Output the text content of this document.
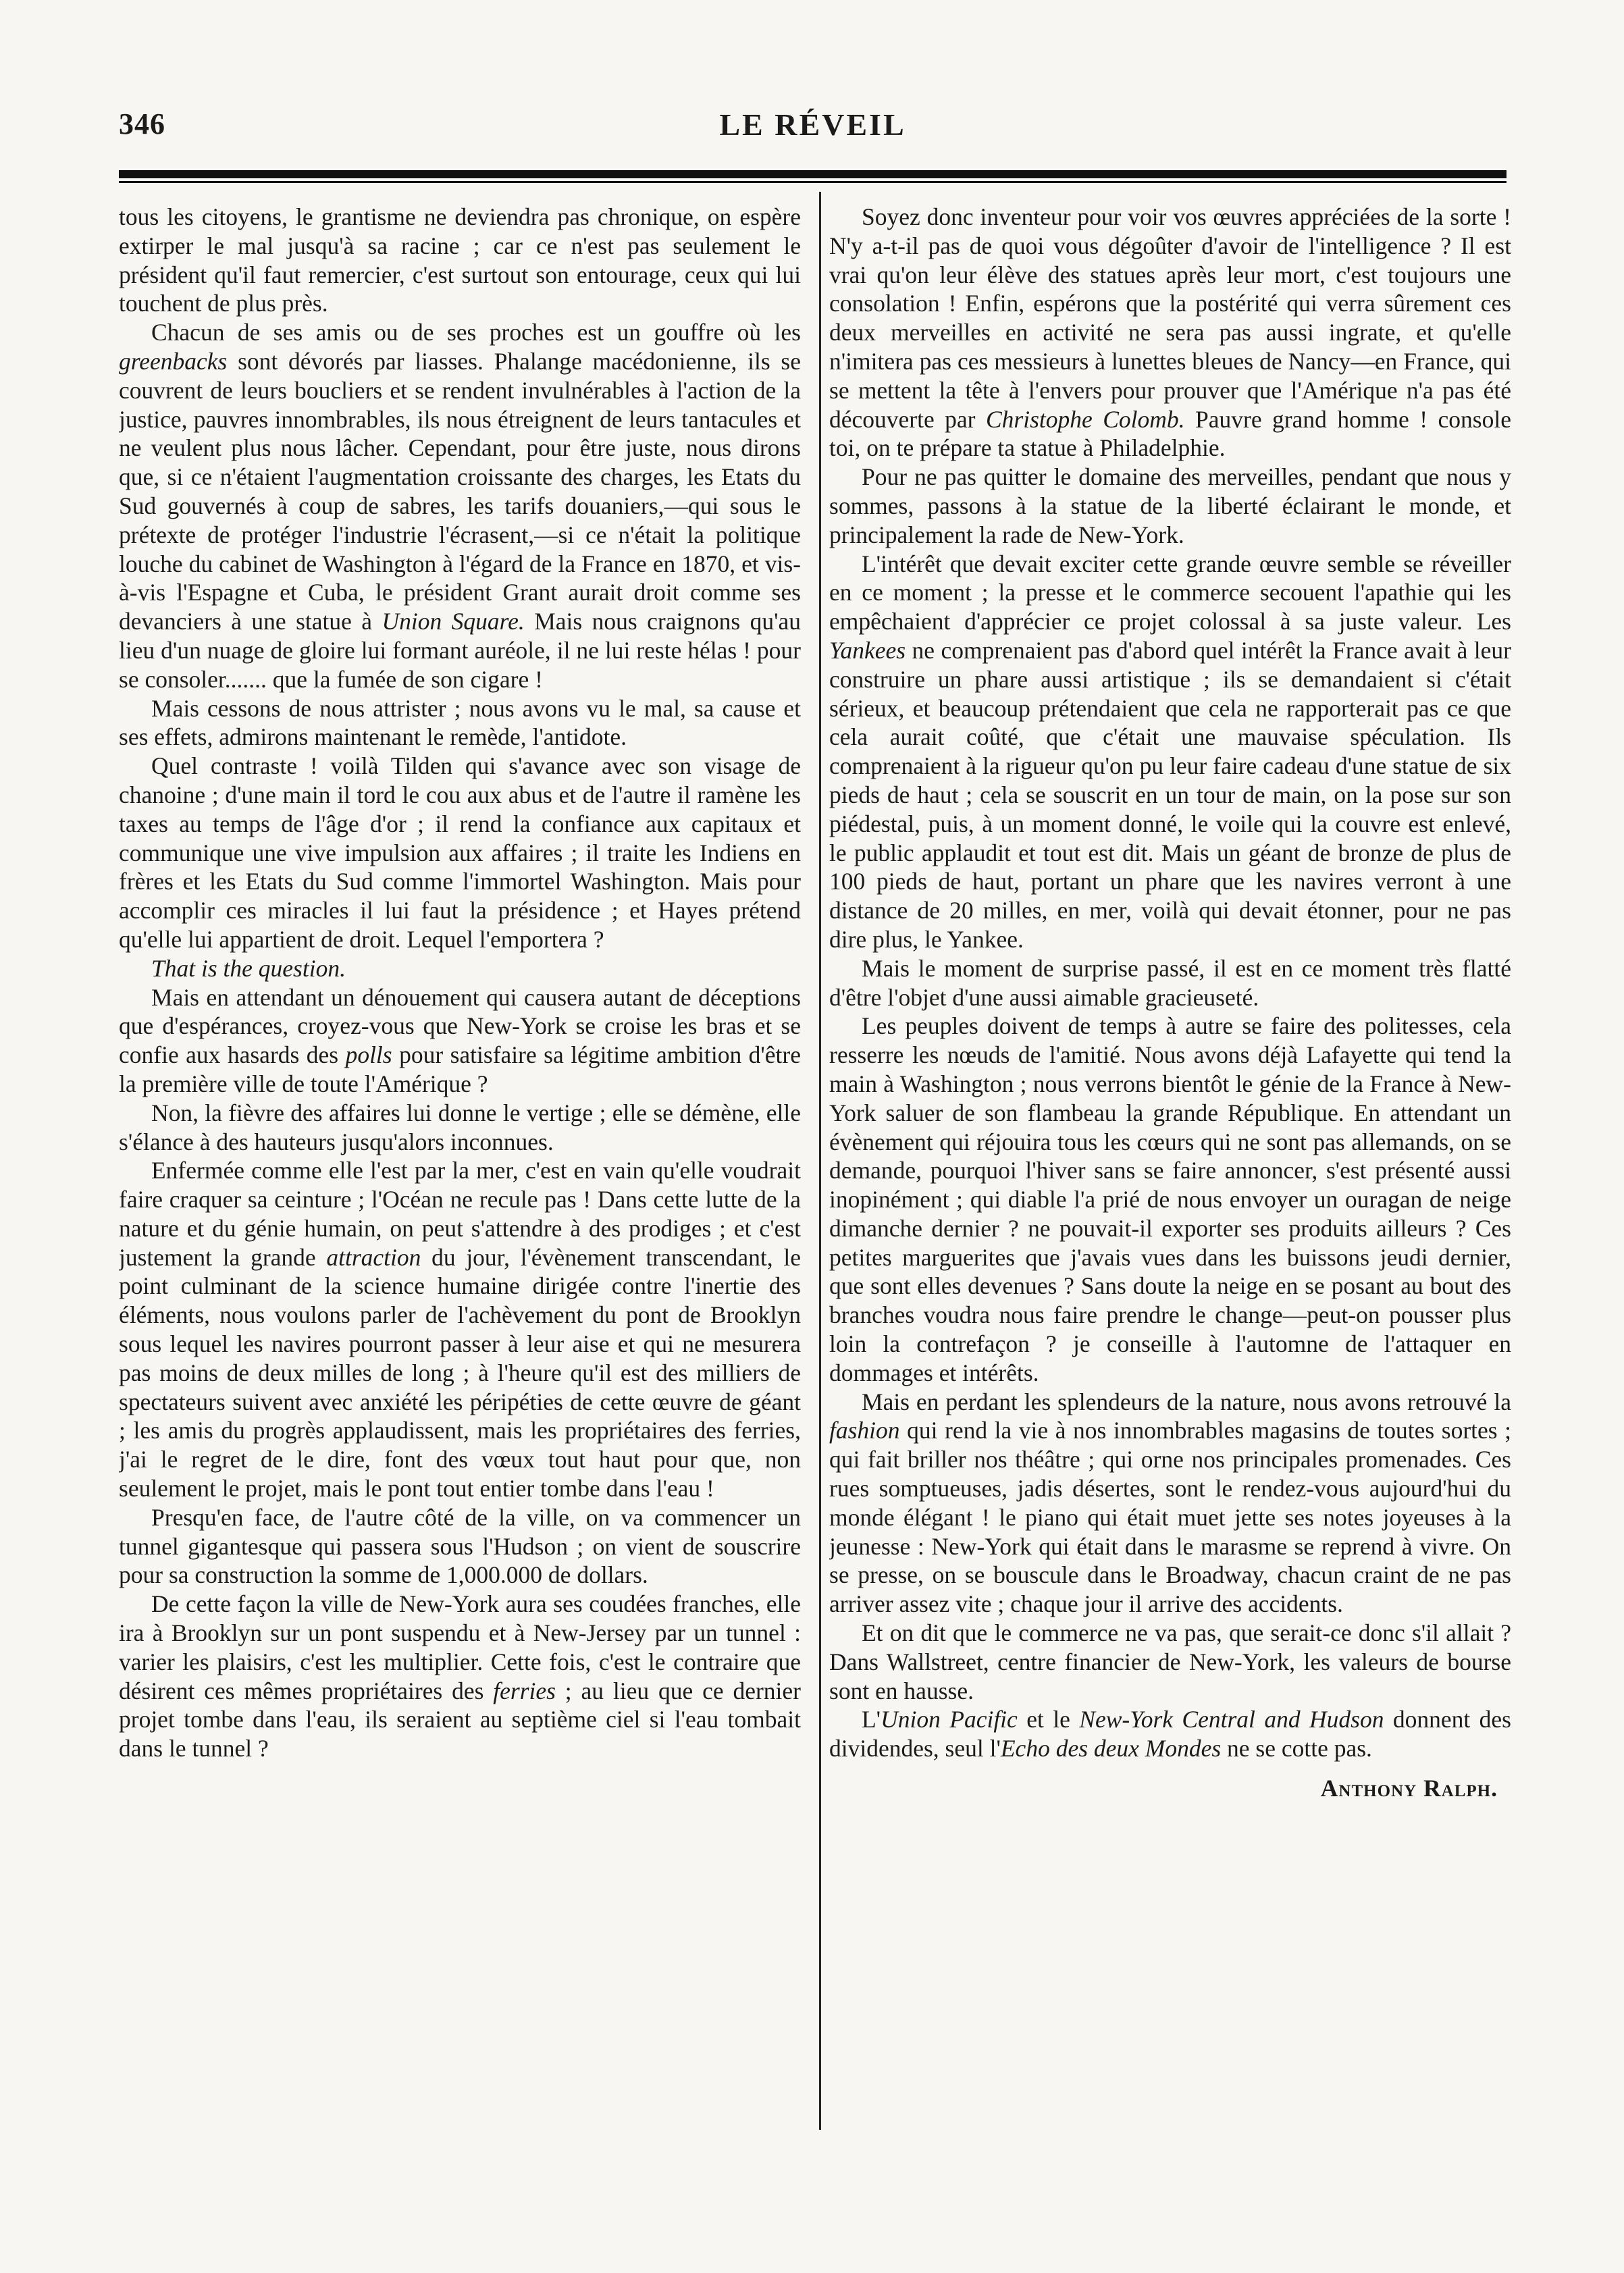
346	LE RÉVEIL

tous les citoyens, le grantisme ne deviendra pas chronique, on espère extirper le mal jusqu'à sa racine ; car ce n'est pas seulement le président qu'il faut remercier, c'est surtout son entourage, ceux qui lui touchent de plus près.

Chacun de ses amis ou de ses proches est un gouffre où les greenbacks sont dévorés par liasses. Phalange macédonienne, ils se couvrent de leurs boucliers et se rendent invulnérables à l'action de la justice, pauvres innombrables, ils nous étreignent de leurs tantacules et ne veulent plus nous lâcher. Cependant, pour être juste, nous dirons que, si ce n'étaient l'augmentation croissante des charges, les Etats du Sud gouvernés à coup de sabres, les tarifs douaniers,—qui sous le prétexte de protéger l'industrie l'écrasent,—si ce n'était la politique louche du cabinet de Washington à l'égard de la France en 1870, et vis-à-vis l'Espagne et Cuba, le président Grant aurait droit comme ses devanciers à une statue à Union Square. Mais nous craignons qu'au lieu d'un nuage de gloire lui formant auréole, il ne lui reste hélas ! pour se consoler....... que la fumée de son cigare !

Mais cessons de nous attrister ; nous avons vu le mal, sa cause et ses effets, admirons maintenant le remède, l'antidote.

Quel contraste ! voilà Tilden qui s'avance avec son visage de chanoine ; d'une main il tord le cou aux abus et de l'autre il ramène les taxes au temps de l'âge d'or ; il rend la confiance aux capitaux et communique une vive impulsion aux affaires ; il traite les Indiens en frères et les Etats du Sud comme l'immortel Washington. Mais pour accomplir ces miracles il lui faut la présidence ; et Hayes prétend qu'elle lui appartient de droit. Lequel l'emportera ?

That is the question.

Mais en attendant un dénouement qui causera autant de déceptions que d'espérances, croyez-vous que New-York se croise les bras et se confie aux hasards des polls pour satisfaire sa légitime ambition d'être la première ville de toute l'Amérique ?

Non, la fièvre des affaires lui donne le vertige ; elle se démène, elle s'élance à des hauteurs jusqu'alors inconnues.

Enfermée comme elle l'est par la mer, c'est en vain qu'elle voudrait faire craquer sa ceinture ; l'Océan ne recule pas ! Dans cette lutte de la nature et du génie humain, on peut s'attendre à des prodiges ; et c'est justement la grande attraction du jour, l'évènement transcendant, le point culminant de la science humaine dirigée contre l'inertie des éléments, nous voulons parler de l'achèvement du pont de Brooklyn sous lequel les navires pourront passer à leur aise et qui ne mesurera pas moins de deux milles de long ; à l'heure qu'il est des milliers de spectateurs suivent avec anxiété les péripéties de cette œuvre de géant ; les amis du progrès applaudissent, mais les propriétaires des ferries, j'ai le regret de le dire, font des vœux tout haut pour que, non seulement le projet, mais le pont tout entier tombe dans l'eau !

Presqu'en face, de l'autre côté de la ville, on va commencer un tunnel gigantesque qui passera sous l'Hudson ; on vient de souscrire pour sa construction la somme de 1,000.000 de dollars.

De cette façon la ville de New-York aura ses coudées franches, elle ira à Brooklyn sur un pont suspendu et à New-Jersey par un tunnel : varier les plaisirs, c'est les multiplier. Cette fois, c'est le contraire que désirent ces mêmes propriétaires des ferries ; au lieu que ce dernier projet tombe dans l'eau, ils seraient au septième ciel si l'eau tombait dans le tunnel ?

Soyez donc inventeur pour voir vos œuvres appréciées de la sorte ! N'y a-t-il pas de quoi vous dégoûter d'avoir de l'intelligence ? Il est vrai qu'on leur élève des statues après leur mort, c'est toujours une consolation ! Enfin, espérons que la postérité qui verra sûrement ces deux merveilles en activité ne sera pas aussi ingrate, et qu'elle n'imitera pas ces messieurs à lunettes bleues de Nancy—en France, qui se mettent la tête à l'envers pour prouver que l'Amérique n'a pas été découverte par Christophe Colomb. Pauvre grand homme ! console toi, on te prépare ta statue à Philadelphie.

Pour ne pas quitter le domaine des merveilles, pendant que nous y sommes, passons à la statue de la liberté éclairant le monde, et principalement la rade de New-York.

L'intérêt que devait exciter cette grande œuvre semble se réveiller en ce moment ; la presse et le commerce secouent l'apathie qui les empêchaient d'apprécier ce projet colossal à sa juste valeur. Les Yankees ne comprenaient pas d'abord quel intérêt la France avait à leur construire un phare aussi artistique ; ils se demandaient si c'était sérieux, et beaucoup prétendaient que cela ne rapporterait pas ce que cela aurait coûté, que c'était une mauvaise spéculation. Ils comprenaient à la rigueur qu'on pu leur faire cadeau d'une statue de six pieds de haut ; cela se souscrit en un tour de main, on la pose sur son piédestal, puis, à un moment donné, le voile qui la couvre est enlevé, le public applaudit et tout est dit. Mais un géant de bronze de plus de 100 pieds de haut, portant un phare que les navires verront à une distance de 20 milles, en mer, voilà qui devait étonner, pour ne pas dire plus, le Yankee.

Mais le moment de surprise passé, il est en ce moment très flatté d'être l'objet d'une aussi aimable gracieuseté.

Les peuples doivent de temps à autre se faire des politesses, cela resserre les nœuds de l'amitié. Nous avons déjà Lafayette qui tend la main à Washington ; nous verrons bientôt le génie de la France à New-York saluer de son flambeau la grande République. En attendant un évènement qui réjouira tous les cœurs qui ne sont pas allemands, on se demande, pourquoi l'hiver sans se faire annoncer, s'est présenté aussi inopinément ; qui diable l'a prié de nous envoyer un ouragan de neige dimanche dernier ? ne pouvait-il exporter ses produits ailleurs ? Ces petites marguerites que j'avais vues dans les buissons jeudi dernier, que sont elles devenues ? Sans doute la neige en se posant au bout des branches voudra nous faire prendre le change—peut-on pousser plus loin la contrefaçon ? je conseille à l'automne de l'attaquer en dommages et intérêts.

Mais en perdant les splendeurs de la nature, nous avons retrouvé la fashion qui rend la vie à nos innombrables magasins de toutes sortes ; qui fait briller nos théâtre ; qui orne nos principales promenades. Ces rues somptueuses, jadis désertes, sont le rendez-vous aujourd'hui du monde élégant ! le piano qui était muet jette ses notes joyeuses à la jeunesse : New-York qui était dans le marasme se reprend à vivre. On se presse, on se bouscule dans le Broadway, chacun craint de ne pas arriver assez vite ; chaque jour il arrive des accidents.

Et on dit que le commerce ne va pas, que serait-ce donc s'il allait ? Dans Wallstreet, centre financier de New-York, les valeurs de bourse sont en hausse.

L'Union Pacific et le New-York Central and Hudson donnent des dividendes, seul l'Echo des deux Mondes ne se cotte pas.

Anthony Ralph.
